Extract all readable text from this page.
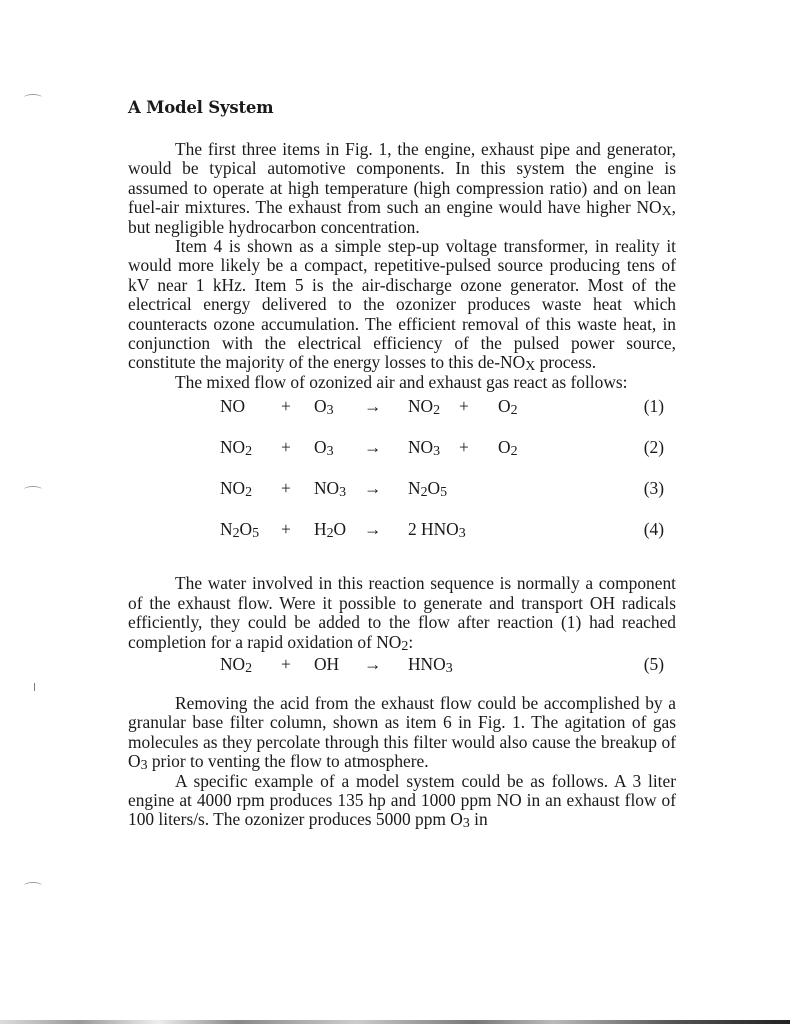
A Model System

The first three items in Fig. 1, the engine, exhaust pipe and generator, would be typical automotive components. In this system the engine is assumed to operate at high temperature (high compression ratio) and on lean fuel-air mixtures. The exhaust from such an engine would have higher $NO_X$, but negligible hydrocarbon concentration.

Item 4 is shown as a simple step-up voltage transformer, in reality it would more likely be a compact, repetitive-pulsed source producing tens of kV near 1 kHz. Item 5 is the air-discharge ozone generator. Most of the electrical energy delivered to the ozonizer produces waste heat which counteracts ozone accumulation. The efficient removal of this waste heat, in conjunction with the electrical efficiency of the pulsed power source, constitute the majority of the energy losses to this $de-NO_X$ process.

The mixed flow of ozonized air and exhaust gas react as follows:

NO + $O_3 \to NO_2 + O_2$	(1)
$NO_2 + O_3 \to NO_3 + O_2$	(2)
$NO_2 + NO_3 \to N_2O_5$	(3)
$N_2O_5 + H_2O \to 2$ $HNO_3$	(4)

The water involved in this reaction sequence is normally a component of the exhaust flow. Were it possible to generate and transport OH radicals efficiently, they could be added to the flow after reaction (1) had reached completion for a rapid oxidation of $NO_2$:

$NO_2$ + OH → $HNO_3$	(5)

Removing the acid from the exhaust flow could be accomplished by a granular base filter column, shown as item 6 in Fig. 1. The agitation of gas molecules as they percolate through this filter would also cause the breakup of $O_3$ prior to venting the flow to atmosphere.

A specific example of a model system could be as follows. A 3 liter engine at 4000 rpm produces 135 hp and 1000 ppm NO in an exhaust flow of 100 liters/s. The ozonizer produces 5000 ppm $O_3$ in
